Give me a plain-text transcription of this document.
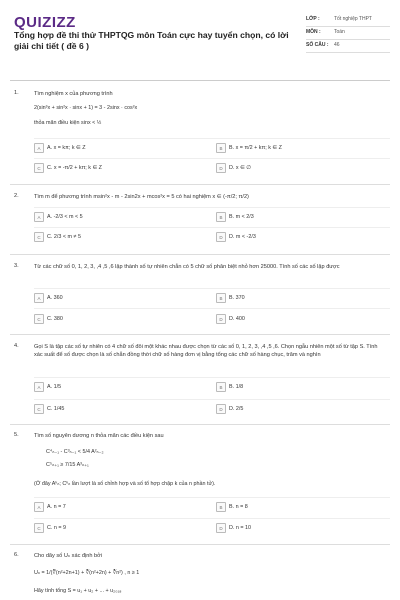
QUIZIZZ
Tổng hợp đề thi thử THPTQG môn Toán cực hay tuyển chọn, có lời giải chi tiết ( đề 6 )
LỚP :	Tốt nghiệp THPT
MÔN :	Toán
SỐ CÂU :	46
1.	Tìm nghiệm x của phương trình
2(sin³x + sin²x · sinx + 1) = 3 - 2sinx · cos²x
thỏa mãn điều kiện sinx < ½
A	A. x = kπ; k ∈ Z	B	B. x = π/2 + kπ; k ∈ Z
C	C. x = -π/2 + kπ; k ∈ Z	D	D. x ∈ ∅
2.	Tìm m để phương trình msin²x - m - 2sin2x + mcos²x = 5 có hai nghiệm x ∈ (-π/2; π/2)
A	A. -2/3 < m < 5	B	B. m < 2/3
C	C. 2/3 < m ≠ 5	D	D. m < -2/3
3.	Từ các chữ số 0, 1, 2, 3, ,4 ,5 ,6 lập thành số tự nhiên chẵn có 5 chữ số phân biệt nhỏ hơn 25000. Tính số các số lập được
A	A. 360	B	B. 370
C	C. 380	D	D. 400
4.	Gọi S là tập các số tự nhiên có 4 chữ số đôi một khác nhau được chọn từ các số 0, 1, 2, 3, ,4 ,5 ,6. Chọn ngẫu nhiên một số từ tập S. Tính xác suất để số được chọn là số chẵn đồng thời chữ số hàng đơn vị bằng tổng các chữ số hàng chục, trăm và nghìn
A	A. 1/5	B	B. 1/8
C	C. 1/45	D	D. 2/5
5.	Tìm số nguyên dương n thỏa mãn các điều kiện sau
C⁴ₙ₋₁ - C³ₙ₋₁ < 5/4 A²ₙ₋₂
C⁵ₙ₊₁ ≥ 7/15 A³ₙ₊₁
(Ở đây Aᵏₙ; Cᵏₙ lần lượt là số chỉnh hợp và số tổ hợp chập k của n phần tử).
A	A. n = 7	B	B. n = 8
C	C. n = 9	D	D. n = 10
6.	Cho dãy số Uₙ xác định bởi
Uₙ = 1/(∛(n²+2n+1) + ∛(n²+2n) + ∛n²) , n ≥ 1
Hãy tính tổng S = u₁ + u₂ + ... + u₂₀₁₈
